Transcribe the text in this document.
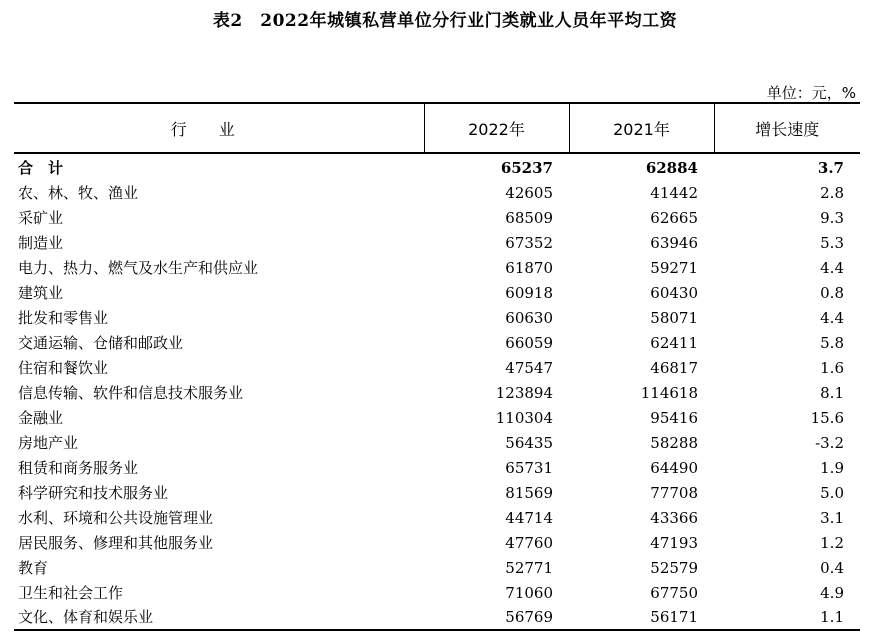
表2　2022年城镇私营单位分行业门类就业人员年平均工资
单位：元，%
行业	2022年	2021年	增长速度
合　计	65237	62884	3.7
农、林、牧、渔业	42605	41442	2.8
采矿业	68509	62665	9.3
制造业	67352	63946	5.3
电力、热力、燃气及水生产和供应业	61870	59271	4.4
建筑业	60918	60430	0.8
批发和零售业	60630	58071	4.4
交通运输、仓储和邮政业	66059	62411	5.8
住宿和餐饮业	47547	46817	1.6
信息传输、软件和信息技术服务业	123894	114618	8.1
金融业	110304	95416	15.6
房地产业	56435	58288	-3.2
租赁和商务服务业	65731	64490	1.9
科学研究和技术服务业	81569	77708	5.0
水利、环境和公共设施管理业	44714	43366	3.1
居民服务、修理和其他服务业	47760	47193	1.2
教育	52771	52579	0.4
卫生和社会工作	71060	67750	4.9
文化、体育和娱乐业	56769	56171	1.1
